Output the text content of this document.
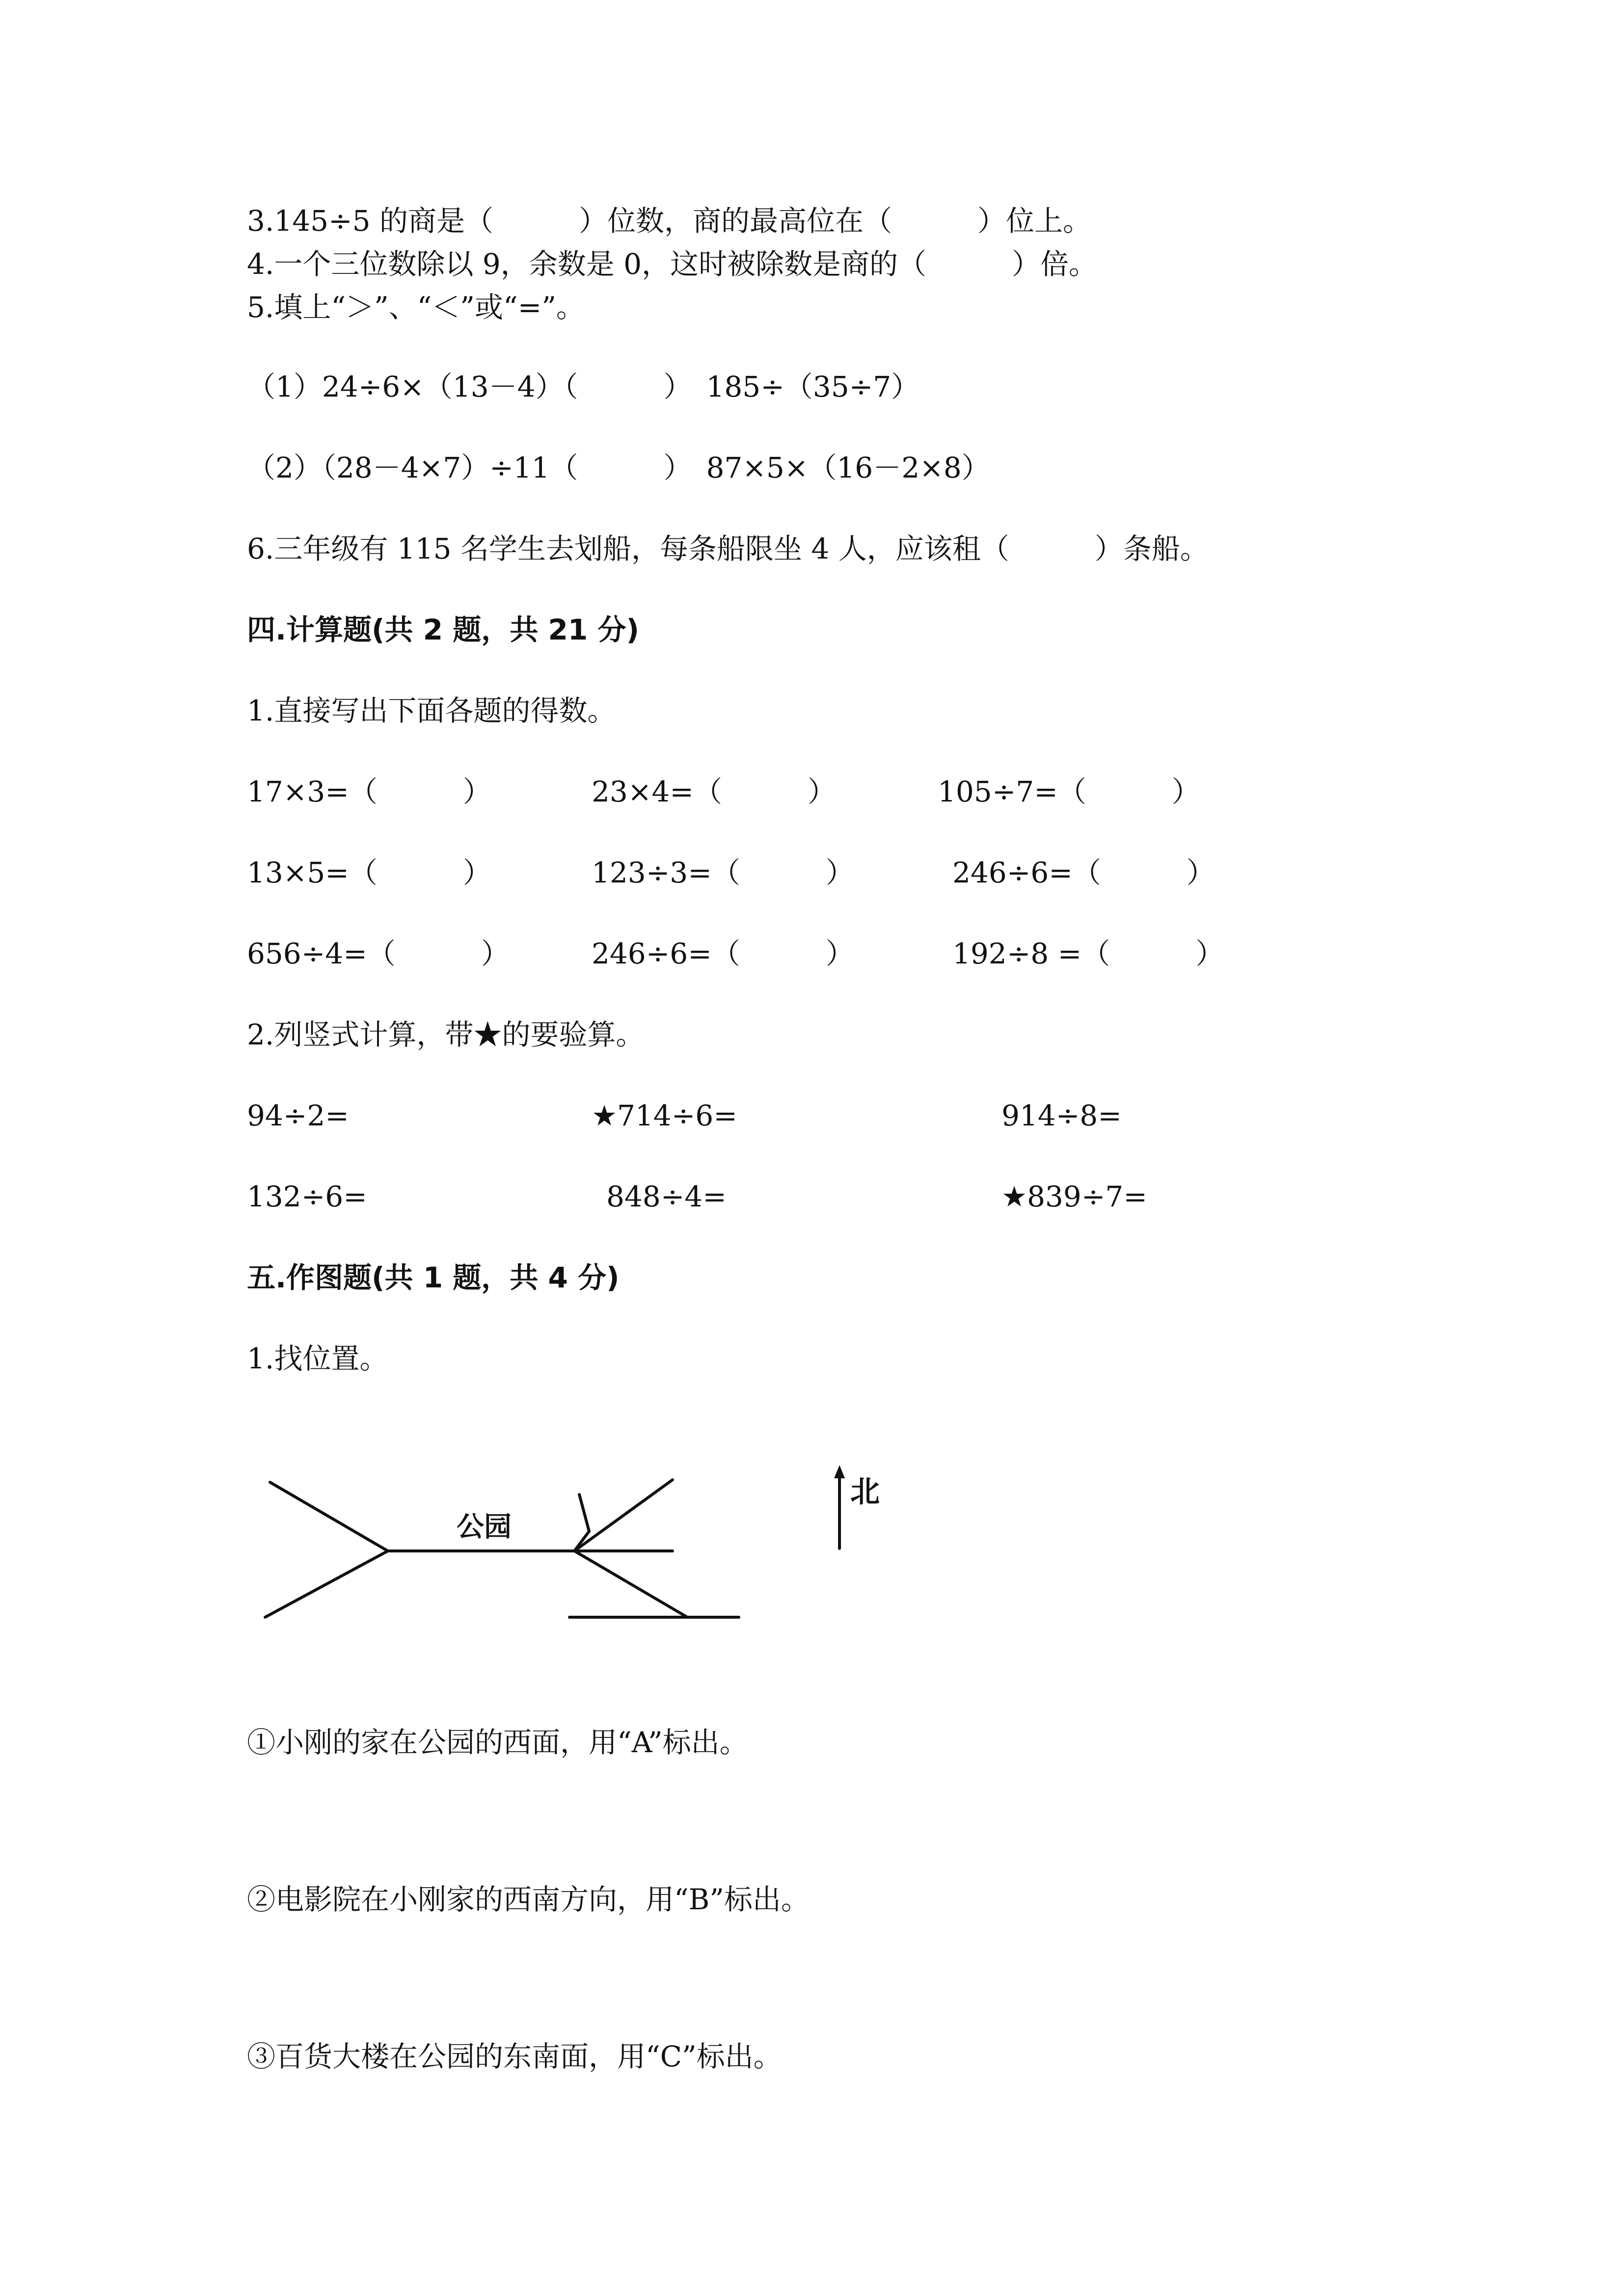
3.145÷5 的商是（　　　）位数，商的最高位在（　　　）位上。
4.一个三位数除以 9，余数是 0，这时被除数是商的（　　　）倍。
5.填上“＞”、“＜”或“=”。
（1）24÷6×（13－4）（　　　）　185÷（35÷7）
（2）（28－4×7）÷11（　　　）　87×5×（16－2×8）
6.三年级有 115 名学生去划船，每条船限坐 4 人，应该租（　　　）条船。
四.计算题(共 2 题，共 21 分)
1.直接写出下面各题的得数。
17×3=（　　　）	23×4=（　　　）	105÷7=（　　　）
13×5=（　　　）	123÷3=（　　　）	246÷6=（　　　）
656÷4=（　　　）	246÷6=（　　　）	192÷8 =（　　　）
2.列竖式计算，带★的要验算。
94÷2=	★714÷6=	914÷8=
132÷6=	848÷4=	★839÷7=
五.作图题(共 1 题，共 4 分)
1.找位置。
公园
北
①小刚的家在公园的西面，用“A”标出。
②电影院在小刚家的西南方向，用“B”标出。
③百货大楼在公园的东南面，用“C”标出。
